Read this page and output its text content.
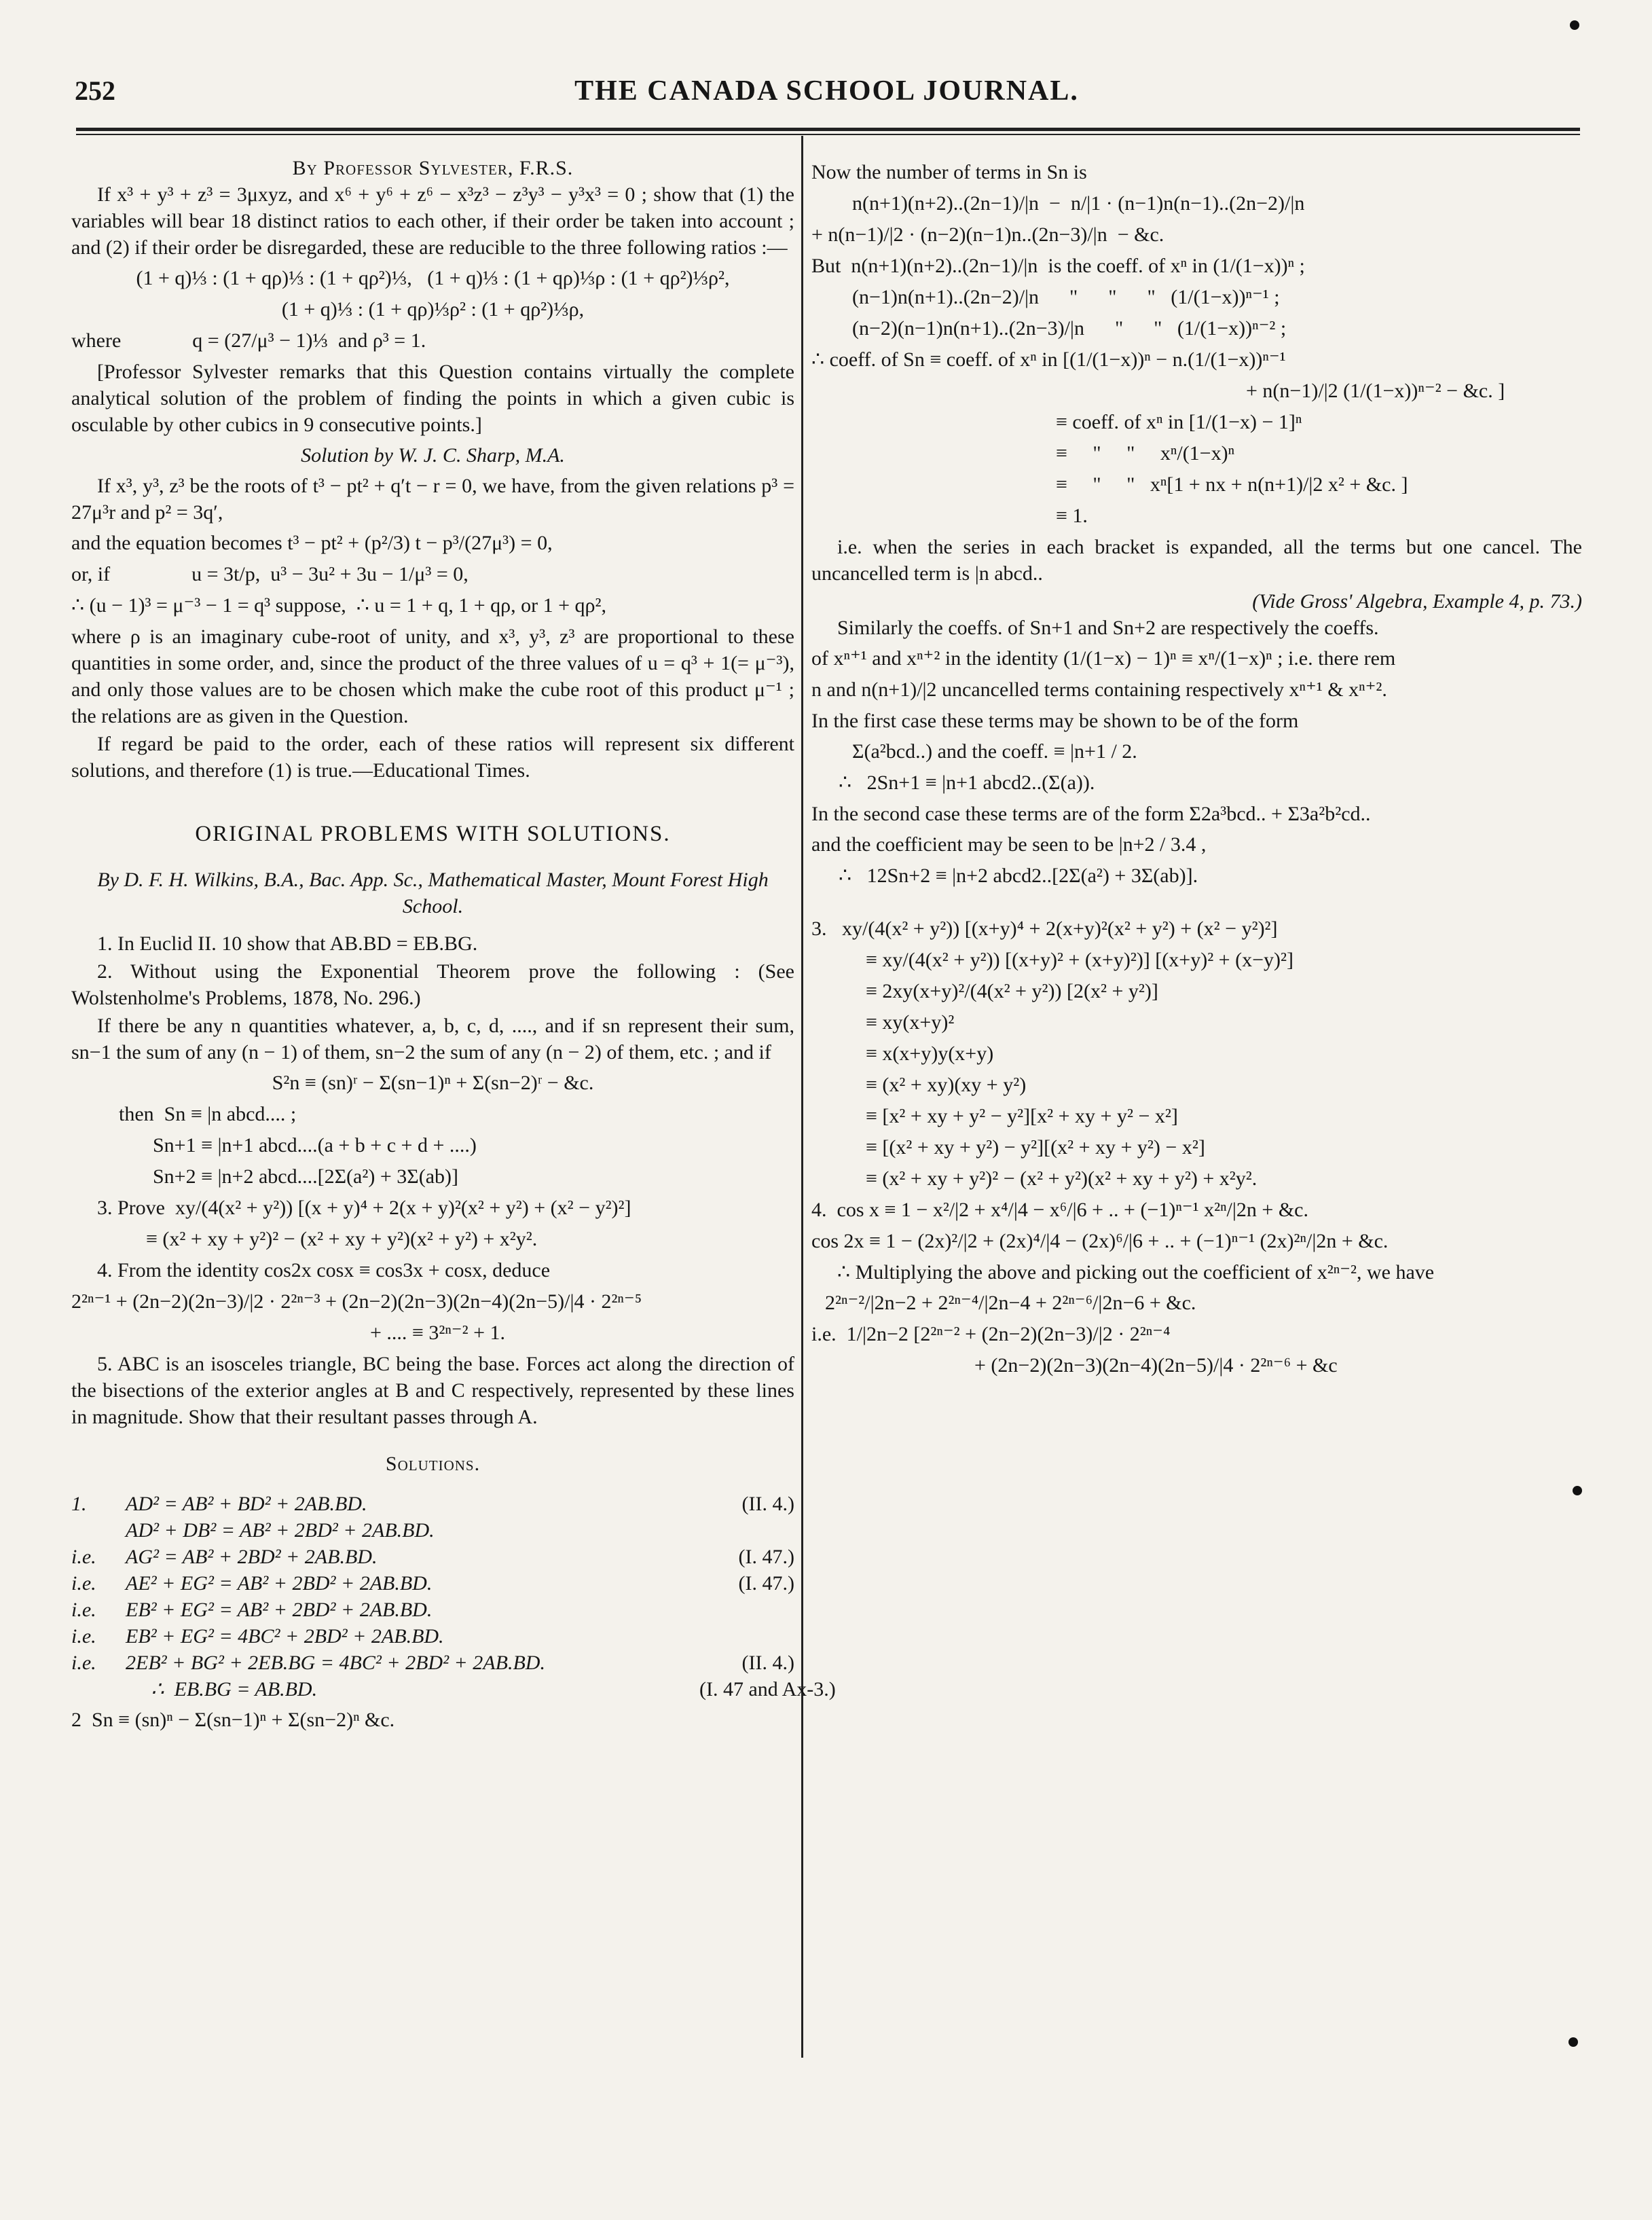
252	THE CANADA SCHOOL JOURNAL.
By Professor Sylvester, F.R.S.

If x³ + y³ + z³ = 3μxyz, and x⁶ + y⁶ + z⁶ − x³z³ − z³y³ − y³x³ = 0 ; show that (1) the variables will bear 18 distinct ratios to each other, if their order be taken into account ; and (2) if their order be disregarded, these are reducible to the three following ratios :—

(1 + q)⅓ : (1 + qρ)⅓ : (1 + qρ²)⅓,   (1 + q)⅓ : (1 + qρ)⅓ρ : (1 + qρ²)⅓ρ²,
(1 + q)⅓ : (1 + qρ)⅓ρ² : (1 + qρ²)⅓ρ,
where              q = (27/μ³ − 1)⅓  and ρ³ = 1.

[Professor Sylvester remarks that this Question contains virtually the complete analytical solution of the problem of finding the points in which a given cubic is osculable by other cubics in 9 consecutive points.]

Solution by W. J. C. Sharp, M.A.

If x³, y³, z³ be the roots of t³ − pt² + q′t − r = 0, we have, from the given relations p³ = 27μ³r and p² = 3q′,

and the equation becomes t³ − pt² + (p²/3) t − p³/(27μ³) = 0,
or, if                u = 3t/p,  u³ − 3u² + 3u − 1/μ³ = 0,
∴ (u − 1)³ = μ⁻³ − 1 = q³ suppose,  ∴ u = 1 + q, 1 + qρ, or 1 + qρ²,

where ρ is an imaginary cube-root of unity, and x³, y³, z³ are proportional to these quantities in some order, and, since the product of the three values of u = q³ + 1(= μ⁻³), and only those values are to be chosen which make the cube root of this product μ⁻¹ ; the relations are as given in the Question.

If regard be paid to the order, each of these ratios will represent six different solutions, and therefore (1) is true.—Educational Times.

ORIGINAL PROBLEMS WITH SOLUTIONS.
By D. F. H. Wilkins, B.A., Bac. App. Sc., Mathematical Master, Mount Forest High School.

1. In Euclid II. 10 show that AB.BD = EB.BG.

2. Without using the Exponential Theorem prove the following : (See Wolstenholme's Problems, 1878, No. 296.)

If there be any n quantities whatever, a, b, c, d, ...., and if sn represent their sum, sn−1 the sum of any (n − 1) of them, sn−2 the sum of any (n − 2) of them, etc. ; and if

S²n ≡ (sn)ʳ − Σ(sn−1)ⁿ + Σ(sn−2)ʳ − &c.
then  Sn ≡ |n abcd.... ;
Sn+1 ≡ |n+1 abcd....(a + b + c + d + ....)
Sn+2 ≡ |n+2 abcd....[2Σ(a²) + 3Σ(ab)]
3. Prove  xy/(4(x² + y²)) [(x + y)⁴ + 2(x + y)²(x² + y²) + (x² − y²)²]
≡ (x² + xy + y²)² − (x² + xy + y²)(x² + y²) + x²y².
4. From the identity cos2x cosx ≡ cos3x + cosx, deduce
2²ⁿ⁻¹ + (2n−2)(2n−3)/|2 · 2²ⁿ⁻³ + (2n−2)(2n−3)(2n−4)(2n−5)/|4 · 2²ⁿ⁻⁵
+ .... ≡ 3²ⁿ⁻² + 1.

5. ABC is an isosceles triangle, BC being the base. Forces act along the direction of the bisections of the exterior angles at B and C respectively, represented by these lines in magnitude. Show that their resultant passes through A.

Solutions.
1.	AD² = AB² + BD² + 2AB.BD.	(II. 4.)
AD² + DB² = AB² + 2BD² + 2AB.BD.
i.e.	AG² = AB² + 2BD² + 2AB.BD.	(I. 47.)
i.e.	AE² + EG² = AB² + 2BD² + 2AB.BD.	(I. 47.)
i.e.	EB² + EG² = AB² + 2BD² + 2AB.BD.
i.e.	EB² + EG² = 4BC² + 2BD² + 2AB.BD.
i.e.	2EB² + BG² + 2EB.BG = 4BC² + 2BD² + 2AB.BD.	(II. 4.)
∴  EB.BG = AB.BD.	(I. 47 and Ax-3.)
2  Sn ≡ (sn)ⁿ − Σ(sn−1)ⁿ + Σ(sn−2)ⁿ &c.
Now the number of terms in Sn is
n(n+1)(n+2)..(2n−1)/|n  −  n/|1 · (n−1)n(n−1)..(2n−2)/|n
+ n(n−1)/|2 · (n−2)(n−1)n..(2n−3)/|n  − &c.
But  n(n+1)(n+2)..(2n−1)/|n  is the coeff. of xⁿ in (1/(1−x))ⁿ ;
(n−1)n(n+1)..(2n−2)/|n      "      "      "   (1/(1−x))ⁿ⁻¹ ;
(n−2)(n−1)n(n+1)..(2n−3)/|n      "      "   (1/(1−x))ⁿ⁻² ;
∴ coeff. of Sn ≡ coeff. of xⁿ in [(1/(1−x))ⁿ − n.(1/(1−x))ⁿ⁻¹
+ n(n−1)/|2 (1/(1−x))ⁿ⁻² − &c. ]
≡ coeff. of xⁿ in [1/(1−x) − 1]ⁿ
≡     "     "     xⁿ/(1−x)ⁿ
≡     "     "   xⁿ[1 + nx + n(n+1)/|2 x² + &c. ]
≡ 1.

i.e. when the series in each bracket is expanded, all the terms but one cancel. The uncancelled term is |n abcd..

(Vide Gross' Algebra, Example 4, p. 73.)

Similarly the coeffs. of Sn+1 and Sn+2 are respectively the coeffs.

of xⁿ⁺¹ and xⁿ⁺² in the identity (1/(1−x) − 1)ⁿ ≡ xⁿ/(1−x)ⁿ ; i.e. there rem
n and n(n+1)/|2 uncancelled terms containing respectively xⁿ⁺¹ & xⁿ⁺².

In the first case these terms may be shown to be of the form

Σ(a²bcd..) and the coeff. ≡ |n+1 / 2.
∴   2Sn+1 ≡ |n+1 abcd2..(Σ(a)).

In the second case these terms are of the form Σ2a³bcd.. + Σ3a²b²cd..

and the coefficient may be seen to be |n+2 / 3.4 ,
∴   12Sn+2 ≡ |n+2 abcd2..[2Σ(a²) + 3Σ(ab)].
3.   xy/(4(x² + y²)) [(x+y)⁴ + 2(x+y)²(x² + y²) + (x² − y²)²]
≡ xy/(4(x² + y²)) [(x+y)² + (x+y)²)] [(x+y)² + (x−y)²]
≡ 2xy(x+y)²/(4(x² + y²)) [2(x² + y²)]
≡ xy(x+y)²
≡ x(x+y)y(x+y)
≡ (x² + xy)(xy + y²)
≡ [x² + xy + y² − y²][x² + xy + y² − x²]
≡ [(x² + xy + y²) − y²][(x² + xy + y²) − x²]
≡ (x² + xy + y²)² − (x² + y²)(x² + xy + y²) + x²y².
4.  cos x ≡ 1 − x²/|2 + x⁴/|4 − x⁶/|6 + .. + (−1)ⁿ⁻¹ x²ⁿ/|2n + &c.
cos 2x ≡ 1 − (2x)²/|2 + (2x)⁴/|4 − (2x)⁶/|6 + .. + (−1)ⁿ⁻¹ (2x)²ⁿ/|2n + &c.

∴ Multiplying the above and picking out the coefficient of x²ⁿ⁻², we have

2²ⁿ⁻²/|2n−2 + 2²ⁿ⁻⁴/|2n−4 + 2²ⁿ⁻⁶/|2n−6 + &c.
i.e.  1/|2n−2 [2²ⁿ⁻² + (2n−2)(2n−3)/|2 · 2²ⁿ⁻⁴
+ (2n−2)(2n−3)(2n−4)(2n−5)/|4 · 2²ⁿ⁻⁶ + &c
